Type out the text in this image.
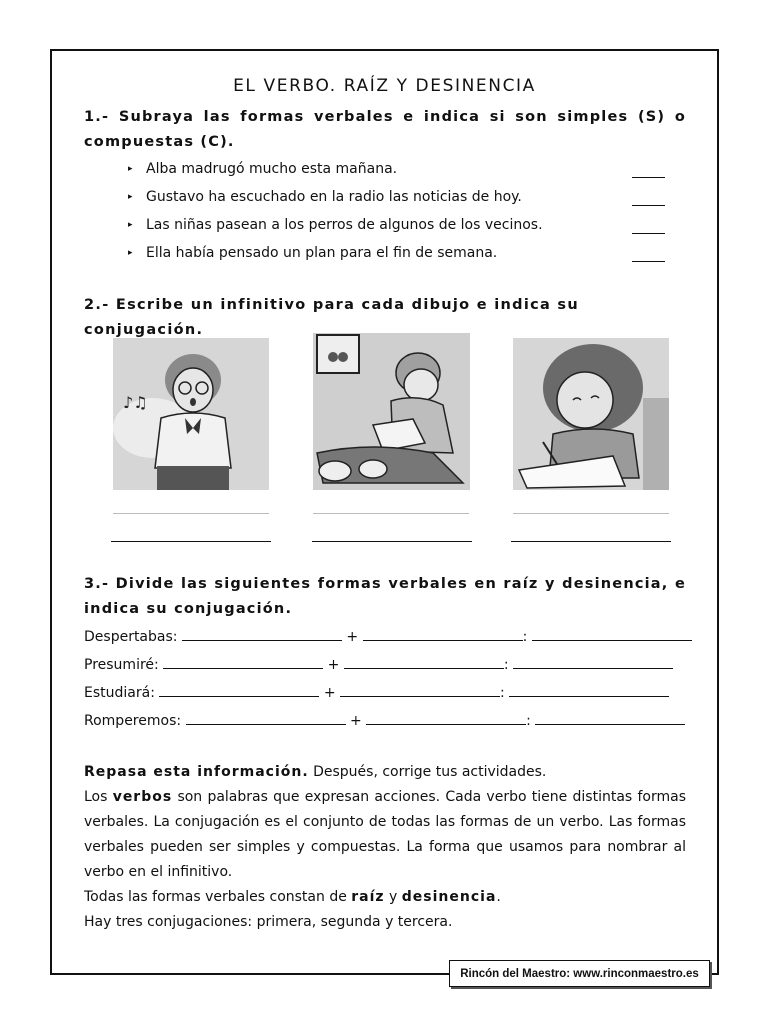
EL VERBO. RAÍZ Y DESINENCIA
1.- Subraya las formas verbales e indica si son simples (S) o
compuestas (C).
▸ Alba madrugó mucho esta mañana.
▸ Gustavo ha escuchado en la radio las noticias de hoy.
▸ Las niñas pasean a los perros de algunos de los vecinos.
▸ Ella había pensado un plan para el fin de semana.
2.- Escribe un infinitivo para cada dibujo e indica su conjugación.
♪♫
3.- Divide las siguientes formas verbales en raíz y desinencia, e
indica su conjugación.
Despertabas:	+	:
Presumiré:	+	:
Estudiará:	+	:
Romperemos:	+	:

Repasa esta información. Después, corrige tus actividades.

Los verbos son palabras que expresan acciones. Cada verbo tiene distintas formas verbales. La conjugación es el conjunto de todas las formas de un verbo. Las formas verbales pueden ser simples y compuestas. La forma que usamos para nombrar al verbo en el infinitivo.

Todas las formas verbales constan de raíz y desinencia.

Hay tres conjugaciones: primera, segunda y tercera.

Rincón del Maestro: www.rinconmaestro.es
